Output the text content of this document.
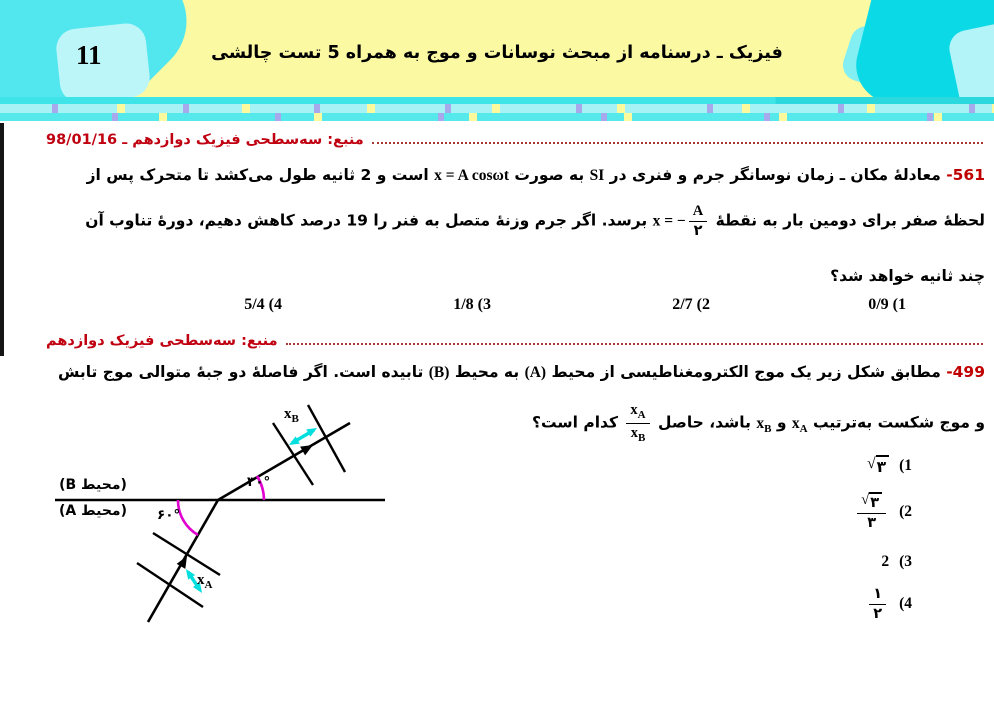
11	فیزیک ـ درسنامه از مبحث نوسانات و موج به همراه 5 تست چالشی
منبع: سه‌سطحی فیزیک دوازدهم ـ 98/01/16
561- معادلهٔ مکان ـ زمان نوسانگر جرم و فنری در SI به صورت x = A cosωt است و 2 ثانیه طول می‌کشد تا متحرک پس از
لحظهٔ صفر برای دومین بار به نقطهٔ x = − $\frac{A}{۲}$
برسد. اگر جرم وزنهٔ متصل به فنر را 19 درصد کاهش دهیم، دورهٔ تناوب آن
چند ثانیه خواهد شد؟
0/9 (1
2/7 (2
1/8 (3
5/4 (4
منبع: سه‌سطحی فیزیک دوازدهم
499- مطابق شکل زیر یک موج الکترومغناطیسی از محیط (A) به محیط (B) تابیده است. اگر فاصلهٔ دو جبهٔ متوالی موج تابش
و موج شکست به‌ترتیب $x_A$ و $x_B$ باشد، حاصل
$\frac{x_A}{x_B}$
کدام است؟
√ ۳ (1
$\frac{√ ۳}{۳} (2$
2 (3
$\frac{۱}{۲} (4$
(محیط B)
(محیط A)
۳۰°
۶۰°
$x_B$
$x_A$
